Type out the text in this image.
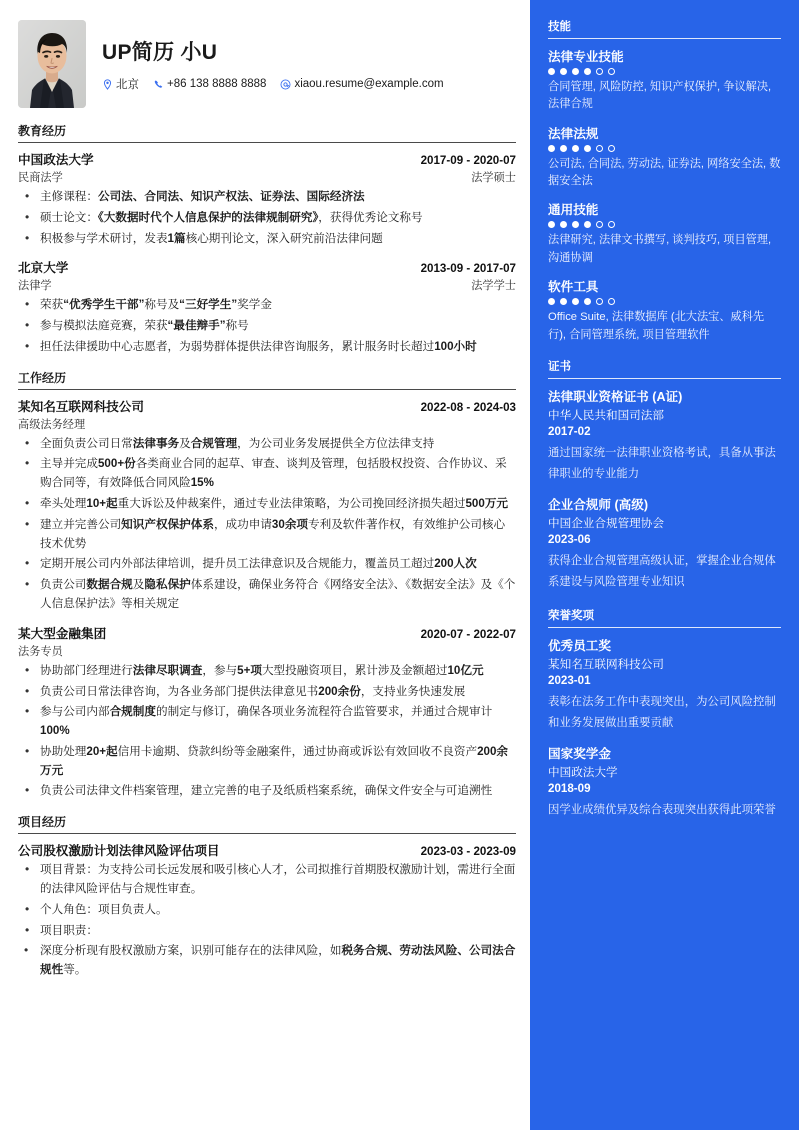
UP简历 小U
北京 +86 138 8888 8888 xiaou.resume@example.com
教育经历
中国政法大学	2017-09 - 2020-07
民商法学	法学硕士
• 主修课程：公司法、合同法、知识产权法、证券法、国际经济法
• 硕士论文：《大数据时代个人信息保护的法律规制研究》，获得优秀论文称号
• 积极参与学术研讨，发表1篇核心期刊论文，深入研究前沿法律问题
北京大学	2013-09 - 2017-07
法律学	法学学士
• 荣获“优秀学生干部”称号及“三好学生”奖学金
• 参与模拟法庭竞赛，荣获“最佳辩手”称号
• 担任法律援助中心志愿者，为弱势群体提供法律咨询服务，累计服务时长超过100小时
工作经历
某知名互联网科技公司	2022-08 - 2024-03
高级法务经理
• 全面负责公司日常法律事务及合规管理，为公司业务发展提供全方位法律支持
• 主导并完成500+份各类商业合同的起草、审查、谈判及管理，包括股权投资、合作协议、采购合同等，有效降低合同风险15%
• 牵头处理10+起重大诉讼及仲裁案件，通过专业法律策略，为公司挽回经济损失超过500万元
• 建立并完善公司知识产权保护体系，成功申请30余项专利及软件著作权，有效维护公司核心技术优势
• 定期开展公司内外部法律培训，提升员工法律意识及合规能力，覆盖员工超过200人次
• 负责公司数据合规及隐私保护体系建设，确保业务符合《网络安全法》、《数据安全法》及《个人信息保护法》等相关规定
某大型金融集团	2020-07 - 2022-07
法务专员
• 协助部门经理进行法律尽职调查，参与5+项大型投融资项目，累计涉及金额超过10亿元
• 负责公司日常法律咨询，为各业务部门提供法律意见书200余份，支持业务快速发展
• 参与公司内部合规制度的制定与修订，确保各项业务流程符合监管要求，并通过合规审计100%
• 协助处理20+起信用卡逾期、贷款纠纷等金融案件，通过协商或诉讼有效回收不良资产200余万元
• 负责公司法律文件档案管理，建立完善的电子及纸质档案系统，确保文件安全与可追溯性
项目经历
公司股权激励计划法律风险评估项目	2023-03 - 2023-09
• 项目背景：为支持公司长远发展和吸引核心人才，公司拟推行首期股权激励计划，需进行全面的法律风险评估与合规性审查。
• 个人角色：项目负责人。
• 项目职责：
• 深度分析现有股权激励方案，识别可能存在的法律风险，如税务合规、劳动法风险、公司法合规性等。
技能
法律专业技能
合同管理, 风险防控, 知识产权保护, 争议解决, 法律合规
法律法规
公司法, 合同法, 劳动法, 证券法, 网络安全法, 数据安全法
通用技能
法律研究, 法律文书撰写, 谈判技巧, 项目管理, 沟通协调
软件工具
Office Suite, 法律数据库 (北大法宝、威科先行), 合同管理系统, 项目管理软件
证书
法律职业资格证书 (A证)
中华人民共和国司法部
2017-02
通过国家统一法律职业资格考试，具备从事法律职业的专业能力
企业合规师 (高级)
中国企业合规管理协会
2023-06
获得企业合规管理高级认证，掌握企业合规体系建设与风险管理专业知识
荣誉奖项
优秀员工奖
某知名互联网科技公司
2023-01
表彰在法务工作中表现突出，为公司风险控制和业务发展做出重要贡献
国家奖学金
中国政法大学
2018-09
因学业成绩优异及综合表现突出获得此项荣誉
